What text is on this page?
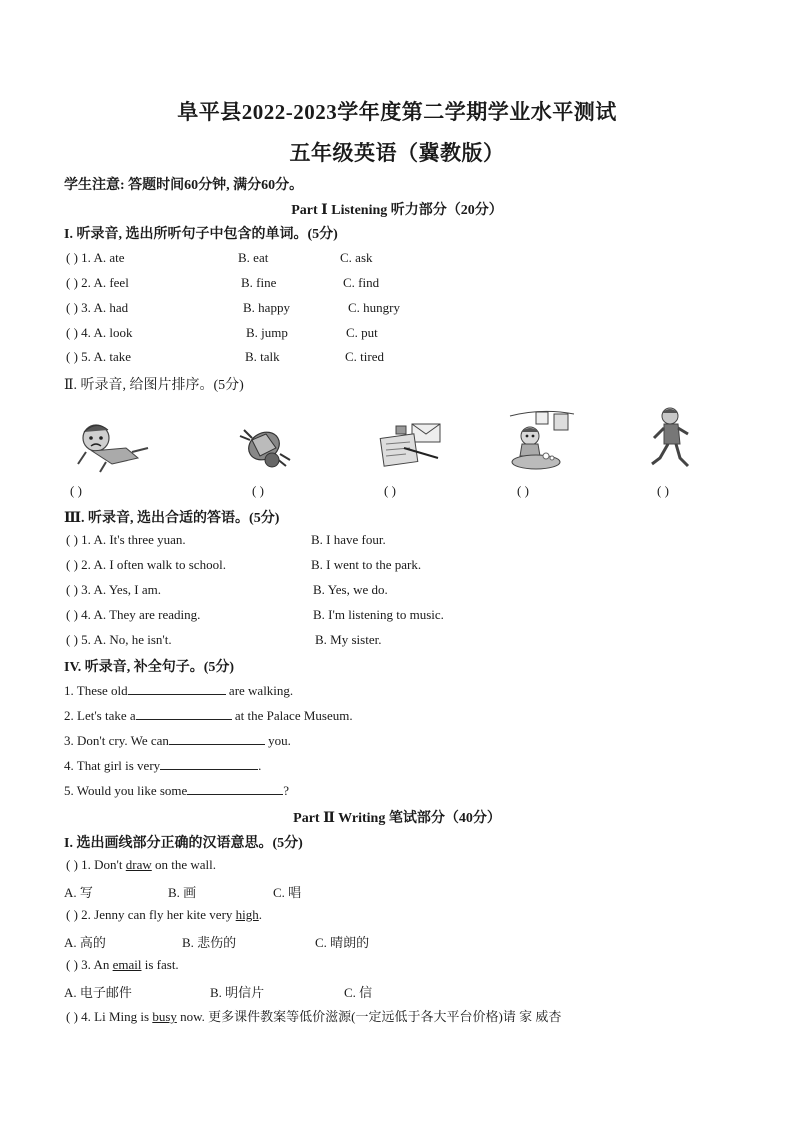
阜平县2022-2023学年度第二学期学业水平测试
五年级英语（冀教版）
学生注意: 答题时间60分钟, 满分60分。
Part Ⅰ Listening 听力部分（20分）
I. 听录音, 选出所听句子中包含的单词。(5分)
( ) 1. A. ate	B. eat	C. ask
( ) 2. A. feel	B. fine	C. find
( ) 3. A. had	B. happy	C. hungry
( ) 4. A. look	B. jump	C. put
( ) 5. A. take	B. talk	C. tired
Ⅱ. 听录音, 给图片排序。(5分)
( )	( )	( )	( )	( )
Ⅲ. 听录音, 选出合适的答语。(5分)
( ) 1. A. It's three yuan.	B. I have four.
( ) 2. A. I often walk to school.	B. I went to the park.
( ) 3. A. Yes, I am.	B. Yes, we do.
( ) 4. A. They are reading.	B. I'm listening to music.
( ) 5. A. No, he isn't.	B. My sister.
IV. 听录音, 补全句子。(5分)
1. These old	are walking.
2. Let's take a	at the Palace Museum.
3. Don't cry. We can	you.
4. That girl is very	.
5. Would you like some	?
Part Ⅱ Writing 笔试部分（40分）
I. 选出画线部分正确的汉语意思。(5分)
( ) 1. Don't draw on the wall.
A. 写	B. 画	C. 唱
( ) 2. Jenny can fly her kite very high.
A. 高的	B. 悲伤的	C. 晴朗的
( ) 3. An email is fast.
A. 电子邮件	B. 明信片	C. 信
( ) 4. Li Ming is busy now. 更多课件教案等低价滋源(一定远低于各大平台价格)请 家 威杏
